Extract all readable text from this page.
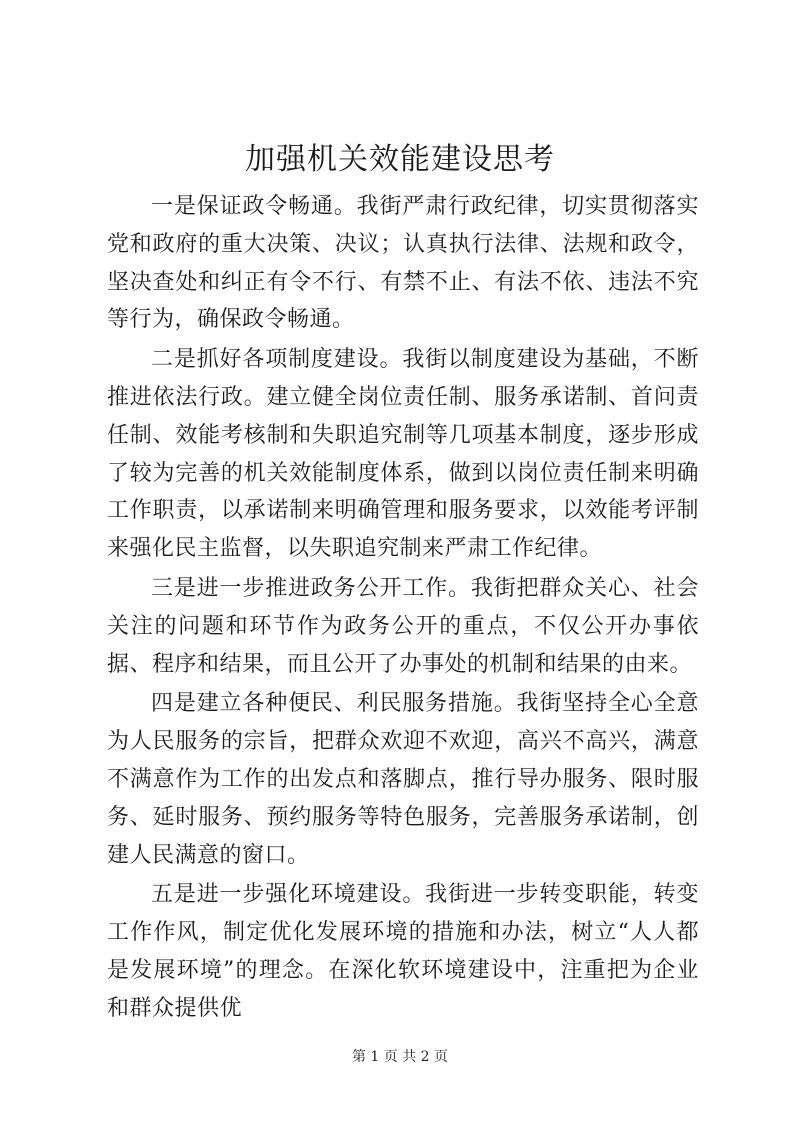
加强机关效能建设思考

一是保证政令畅通。我街严肃行政纪律，切实贯彻落实党和政府的重大决策、决议；认真执行法律、法规和政令，坚决查处和纠正有令不行、有禁不止、有法不依、违法不究等行为，确保政令畅通。

二是抓好各项制度建设。我街以制度建设为基础，不断推进依法行政。建立健全岗位责任制、服务承诺制、首问责任制、效能考核制和失职追究制等几项基本制度，逐步形成了较为完善的机关效能制度体系，做到以岗位责任制来明确工作职责，以承诺制来明确管理和服务要求，以效能考评制来强化民主监督，以失职追究制来严肃工作纪律。

三是进一步推进政务公开工作。我街把群众关心、社会关注的问题和环节作为政务公开的重点，不仅公开办事依据、程序和结果，而且公开了办事处的机制和结果的由来。

四是建立各种便民、利民服务措施。我街坚持全心全意为人民服务的宗旨，把群众欢迎不欢迎，高兴不高兴，满意不满意作为工作的出发点和落脚点，推行导办服务、限时服务、延时服务、预约服务等特色服务，完善服务承诺制，创建人民满意的窗口。

五是进一步强化环境建设。我街进一步转变职能，转变工作作风，制定优化发展环境的措施和办法，树立“人人都是发展环境”的理念。在深化软环境建设中，注重把为企业和群众提供优

第 1 页 共 2 页
